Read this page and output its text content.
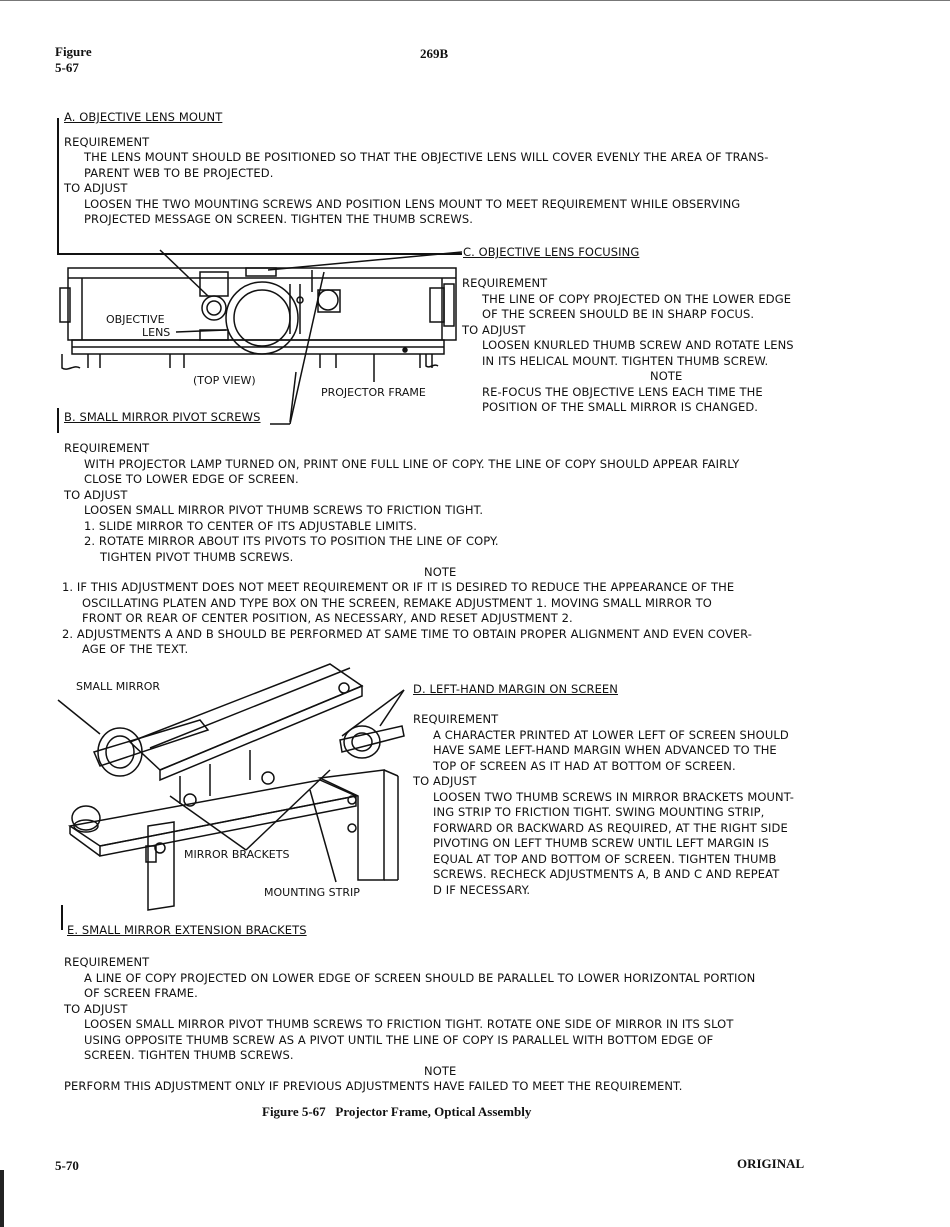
Figure
5-67
269B
A. OBJECTIVE LENS MOUNT
REQUIREMENT
THE LENS MOUNT SHOULD BE POSITIONED SO THAT THE OBJECTIVE LENS WILL COVER EVENLY THE AREA OF TRANS-
PARENT WEB TO BE PROJECTED.
TO ADJUST
LOOSEN THE TWO MOUNTING SCREWS AND POSITION LENS MOUNT TO MEET REQUIREMENT WHILE OBSERVING
PROJECTED MESSAGE ON SCREEN. TIGHTEN THE THUMB SCREWS.
C. OBJECTIVE LENS FOCUSING
REQUIREMENT
THE LINE OF COPY PROJECTED ON THE LOWER EDGE
OF THE SCREEN SHOULD BE IN SHARP FOCUS.
TO ADJUST
LOOSEN KNURLED THUMB SCREW AND ROTATE LENS
IN ITS HELICAL MOUNT. TIGHTEN THUMB SCREW.
NOTE
RE-FOCUS THE OBJECTIVE LENS EACH TIME THE
POSITION OF THE SMALL MIRROR IS CHANGED.
OBJECTIVE
LENS
(TOP VIEW)
PROJECTOR FRAME
B. SMALL MIRROR PIVOT SCREWS
REQUIREMENT
WITH PROJECTOR LAMP TURNED ON, PRINT ONE FULL LINE OF COPY. THE LINE OF COPY SHOULD APPEAR FAIRLY
CLOSE TO LOWER EDGE OF SCREEN.
TO ADJUST
LOOSEN SMALL MIRROR PIVOT THUMB SCREWS TO FRICTION TIGHT.
1. SLIDE MIRROR TO CENTER OF ITS ADJUSTABLE LIMITS.
2. ROTATE MIRROR ABOUT ITS PIVOTS TO POSITION THE LINE OF COPY.
TIGHTEN PIVOT THUMB SCREWS.
NOTE
1. IF THIS ADJUSTMENT DOES NOT MEET REQUIREMENT OR IF IT IS DESIRED TO REDUCE THE APPEARANCE OF THE
OSCILLATING PLATEN AND TYPE BOX ON THE SCREEN, REMAKE ADJUSTMENT 1. MOVING SMALL MIRROR TO
FRONT OR REAR OF CENTER POSITION, AS NECESSARY, AND RESET ADJUSTMENT 2.
2. ADJUSTMENTS A AND B SHOULD BE PERFORMED AT SAME TIME TO OBTAIN PROPER ALIGNMENT AND EVEN COVER-
AGE OF THE TEXT.
SMALL MIRROR
MIRROR BRACKETS
MOUNTING STRIP
D. LEFT-HAND MARGIN ON SCREEN
REQUIREMENT
A CHARACTER PRINTED AT LOWER LEFT OF SCREEN SHOULD
HAVE SAME LEFT-HAND MARGIN WHEN ADVANCED TO THE
TOP OF SCREEN AS IT HAD AT BOTTOM OF SCREEN.
TO ADJUST
LOOSEN TWO THUMB SCREWS IN MIRROR BRACKETS MOUNT-
ING STRIP TO FRICTION TIGHT. SWING MOUNTING STRIP,
FORWARD OR BACKWARD AS REQUIRED, AT THE RIGHT SIDE
PIVOTING ON LEFT THUMB SCREW UNTIL LEFT MARGIN IS
EQUAL AT TOP AND BOTTOM OF SCREEN. TIGHTEN THUMB
SCREWS. RECHECK ADJUSTMENTS A, B AND C AND REPEAT
D IF NECESSARY.
E. SMALL MIRROR EXTENSION BRACKETS
REQUIREMENT
A LINE OF COPY PROJECTED ON LOWER EDGE OF SCREEN SHOULD BE PARALLEL TO LOWER HORIZONTAL PORTION
OF SCREEN FRAME.
TO ADJUST
LOOSEN SMALL MIRROR PIVOT THUMB SCREWS TO FRICTION TIGHT. ROTATE ONE SIDE OF MIRROR IN ITS SLOT
USING OPPOSITE THUMB SCREW AS A PIVOT UNTIL THE LINE OF COPY IS PARALLEL WITH BOTTOM EDGE OF
SCREEN. TIGHTEN THUMB SCREWS.
NOTE
PERFORM THIS ADJUSTMENT ONLY IF PREVIOUS ADJUSTMENTS HAVE FAILED TO MEET THE REQUIREMENT.
Figure 5-67   Projector Frame, Optical Assembly
5-70	ORIGINAL
